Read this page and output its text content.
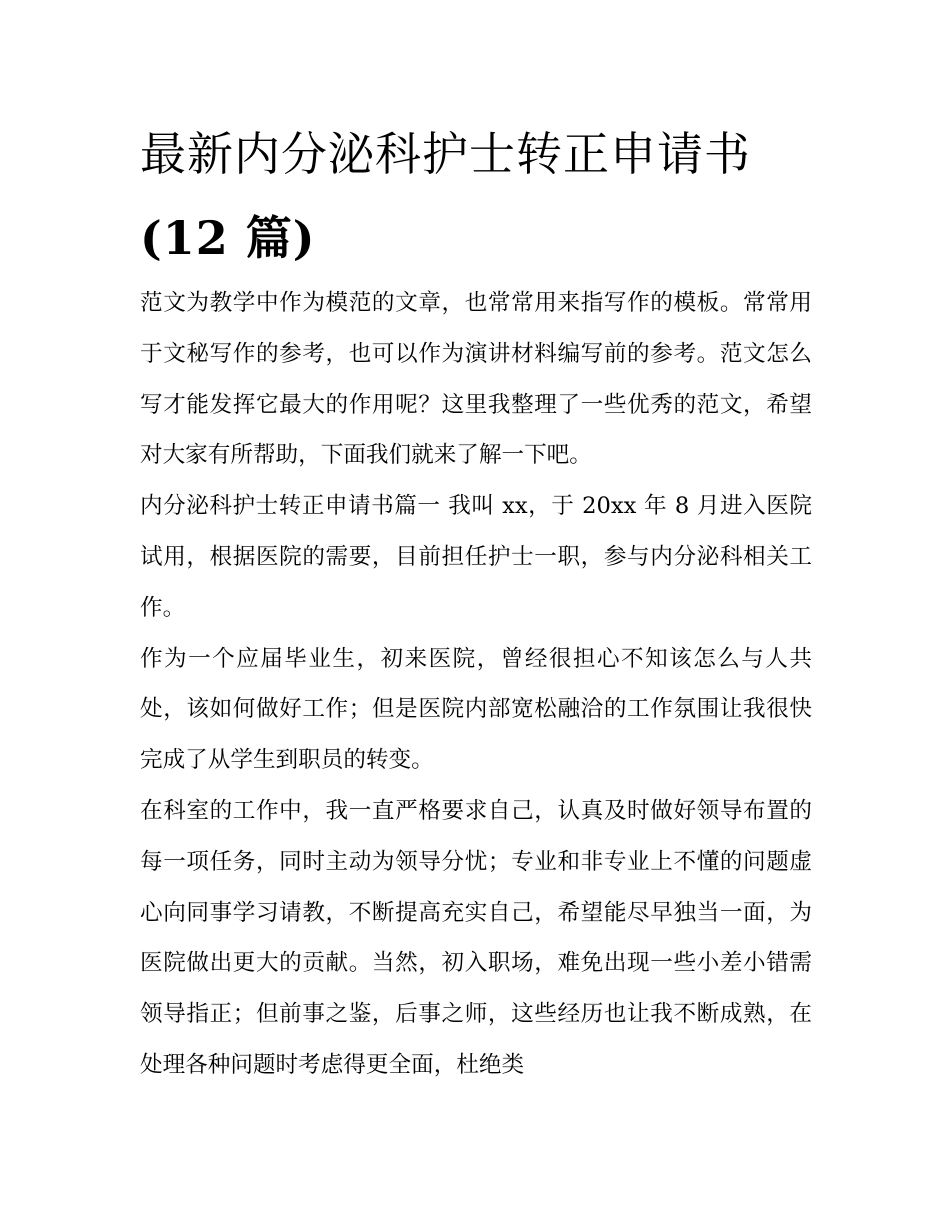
最新内分泌科护士转正申请书
(12 篇)

范文为教学中作为模范的文章，也常常用来指写作的模板。常常用于文秘写作的参考，也可以作为演讲材料编写前的参考。范文怎么写才能发挥它最大的作用呢？这里我整理了一些优秀的范文，希望对大家有所帮助，下面我们就来了解一下吧。

内分泌科护士转正申请书篇一 我叫 xx，于 20xx 年 8 月进入医院试用，根据医院的需要，目前担任护士一职，参与内分泌科相关工作。

作为一个应届毕业生，初来医院，曾经很担心不知该怎么与人共处，该如何做好工作；但是医院内部宽松融洽的工作氛围让我很快完成了从学生到职员的转变。

在科室的工作中，我一直严格要求自己，认真及时做好领导布置的每一项任务，同时主动为领导分忧；专业和非专业上不懂的问题虚心向同事学习请教，不断提高充实自己，希望能尽早独当一面，为医院做出更大的贡献。当然，初入职场，难免出现一些小差小错需领导指正；但前事之鉴，后事之师，这些经历也让我不断成熟，在处理各种问题时考虑得更全面，杜绝类
